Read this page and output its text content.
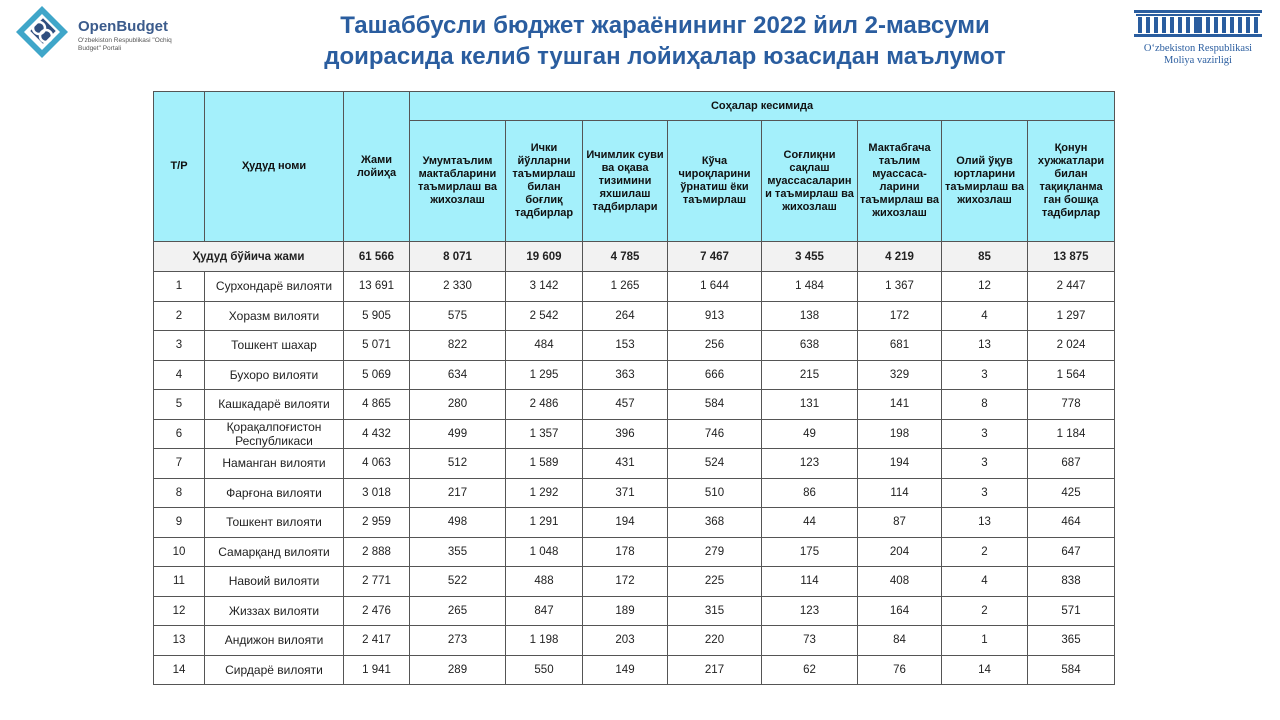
OpenBudget
O‘zbekiston Respublikasi "Ochiq Budget" Portali
Ташаббусли бюджет жараёнининг 2022 йил 2-мавсуми
доирасида келиб тушган лойиҳалар юзасидан маълумот	O‘zbekiston Respublikasi
Moliya vazirligi
Т/Р	Ҳудуд номи	Жами лойиҳа	Соҳалар кесимида							
			Умумтаълим мактабларини таъмирлаш ва жихозлаш	Ички йўлларни таъмирлаш билан боғлиқ тадбирлар	Ичимлик суви ва оқава тизимини яхшилаш тадбирлари	Кўча чироқларини ўрнатиш ёки таъмирлаш	Соғлиқни сақлаш муассасаларин и таъмирлаш ва жихозлаш	Мактабгача таълим муассаса-ларини таъмирлаш ва жихозлаш	Олий ўқув юртларини таъмирлаш ва жихозлаш	Қонун хужжатлари билан тақиқланма ган бошқа тадбирлар
Ҳудуд бўйича жами		61 566	8 071	19 609	4 785	7 467	3 455	4 219	85	13 875
1	Сурхондарё вилояти	13 691	2 330	3 142	1 265	1 644	1 484	1 367	12	2 447
2	Хоразм вилояти	5 905	575	2 542	264	913	138	172	4	1 297
3	Тошкент шахар	5 071	822	484	153	256	638	681	13	2 024
4	Бухоро вилояти	5 069	634	1 295	363	666	215	329	3	1 564
5	Кашкадарё вилояти	4 865	280	2 486	457	584	131	141	8	778
6	Қорақалпоғистон Республикаси	4 432	499	1 357	396	746	49	198	3	1 184
7	Наманган вилояти	4 063	512	1 589	431	524	123	194	3	687
8	Фарғона вилояти	3 018	217	1 292	371	510	86	114	3	425
9	Тошкент вилояти	2 959	498	1 291	194	368	44	87	13	464
10	Самарқанд вилояти	2 888	355	1 048	178	279	175	204	2	647
11	Навоий вилояти	2 771	522	488	172	225	114	408	4	838
12	Жиззах вилояти	2 476	265	847	189	315	123	164	2	571
13	Андижон вилояти	2 417	273	1 198	203	220	73	84	1	365
14	Сирдарё вилояти	1 941	289	550	149	217	62	76	14	584
